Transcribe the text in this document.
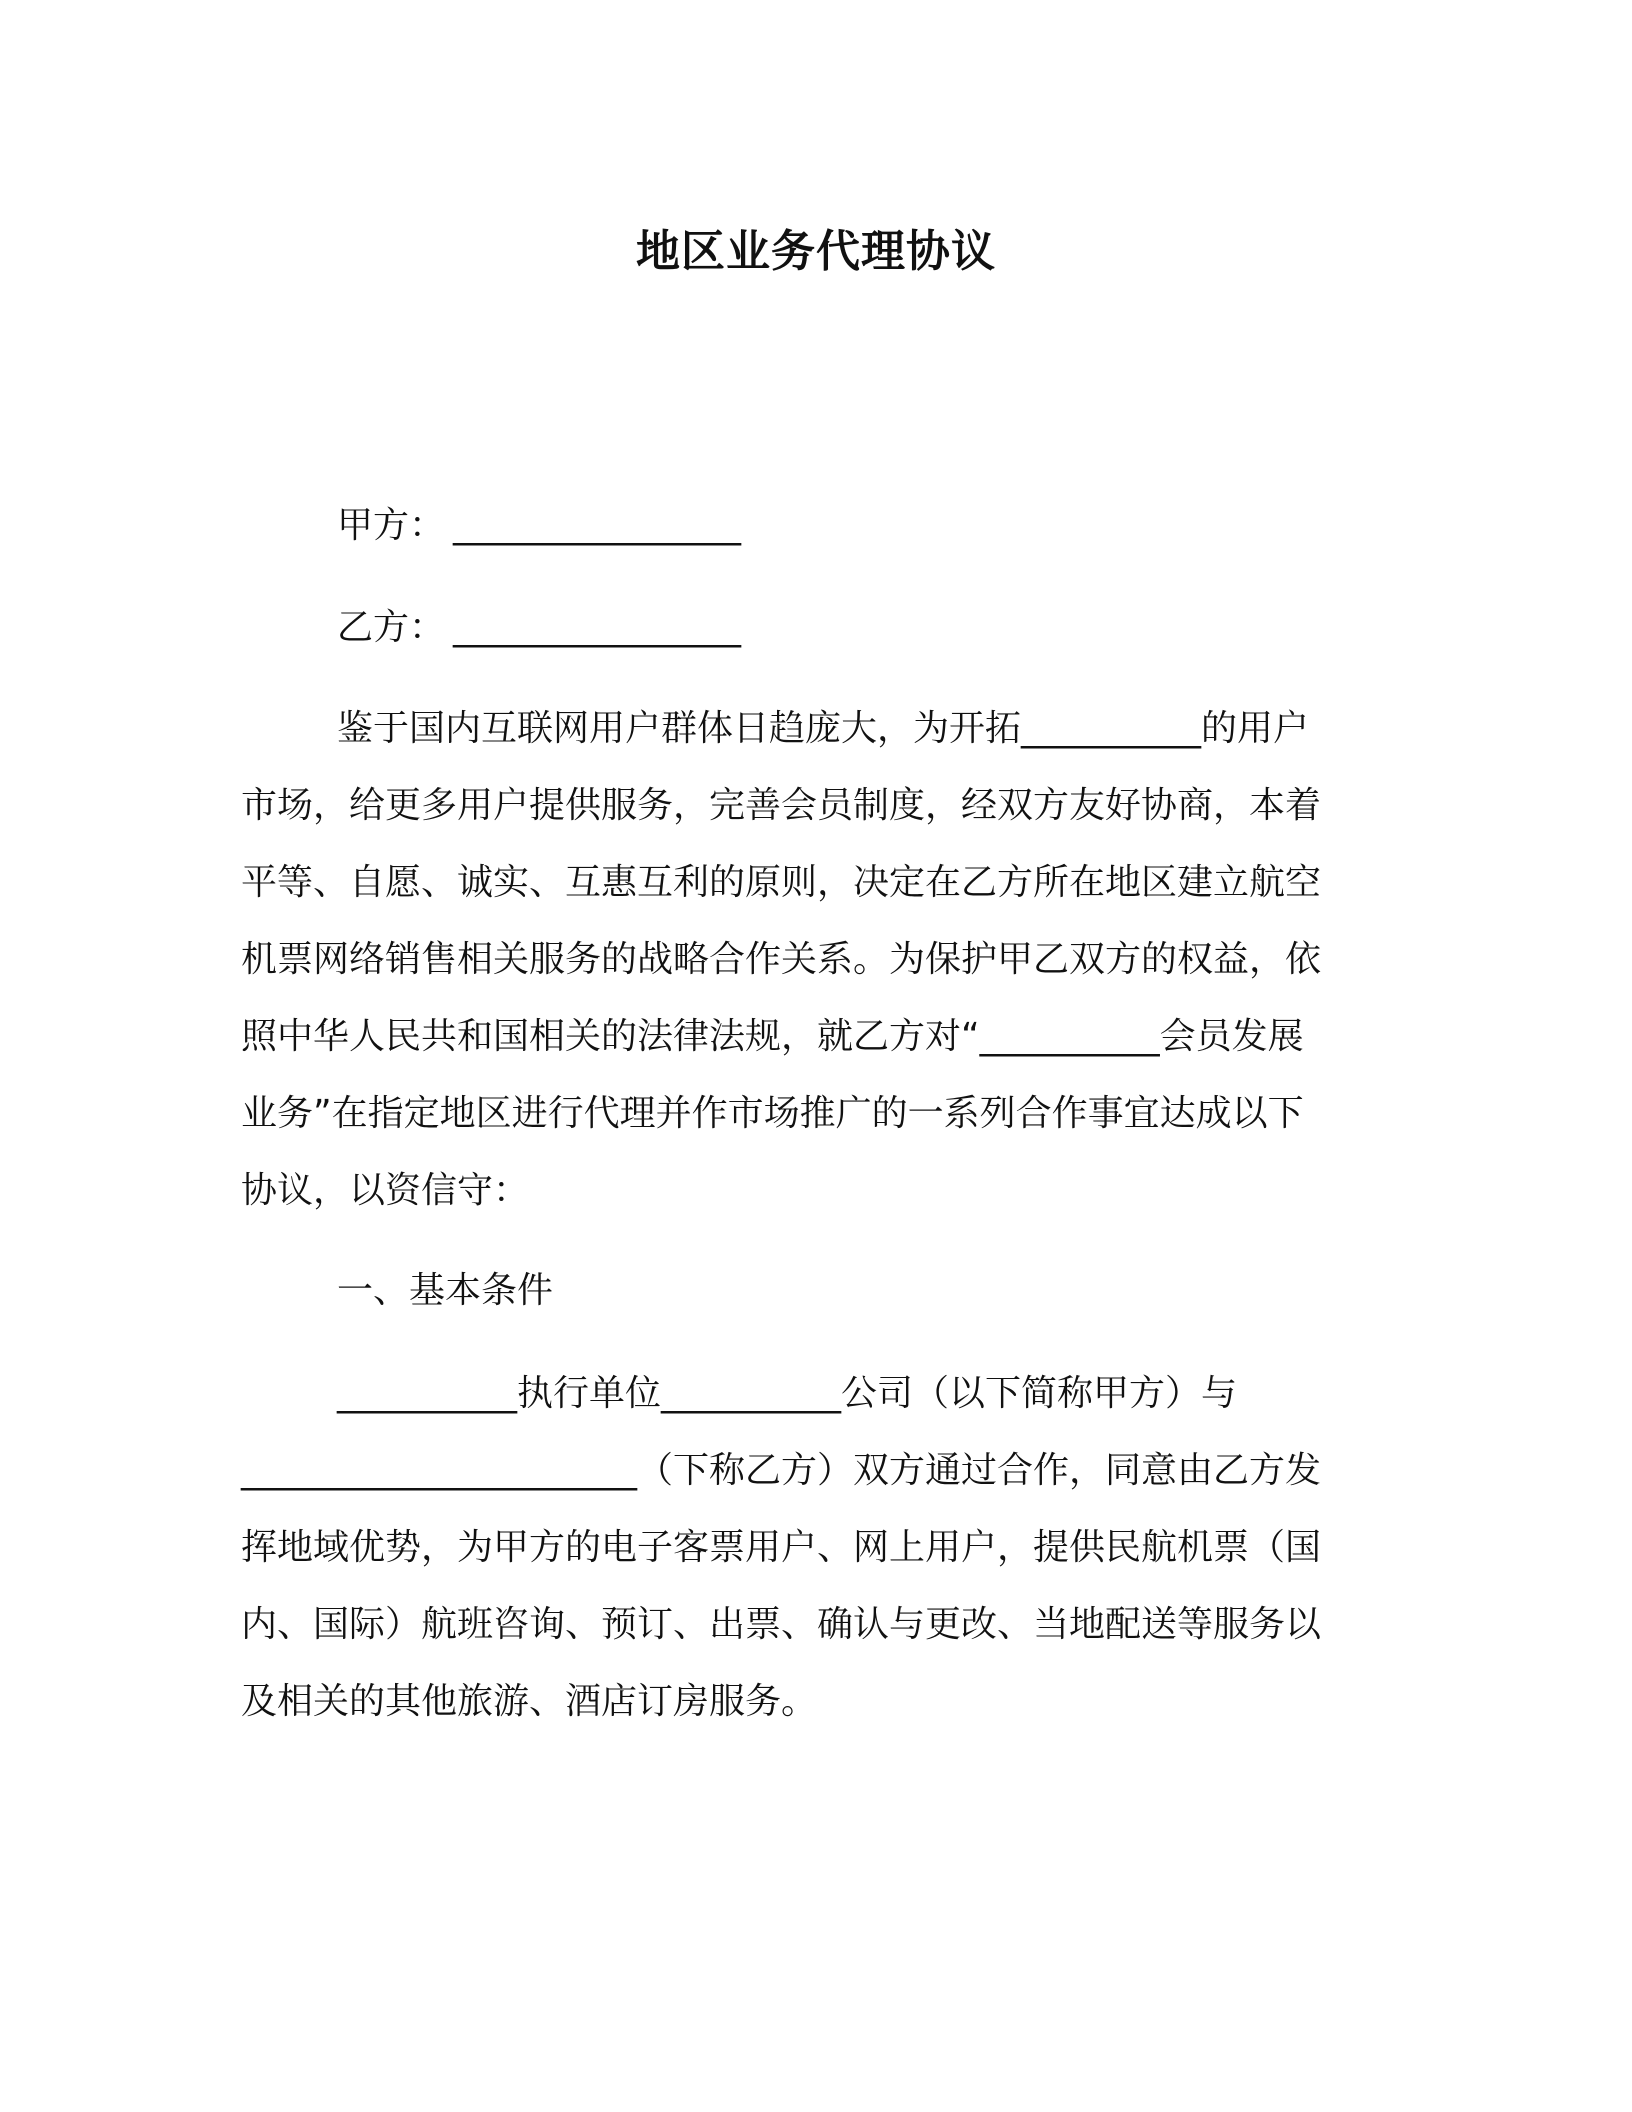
地区业务代理协议
甲方： ________________
乙方： ________________
鉴于国内互联网用户群体日趋庞大，为开拓__________的用户
市场，给更多用户提供服务，完善会员制度，经双方友好协商，本着
平等、自愿、诚实、互惠互利的原则，决定在乙方所在地区建立航空
机票网络销售相关服务的战略合作关系。为保护甲乙双方的权益，依
照中华人民共和国相关的法律法规，就乙方对“__________会员发展
业务”在指定地区进行代理并作市场推广的一系列合作事宜达成以下
协议，以资信守：
一、基本条件
__________执行单位__________公司（以下简称甲方）与
______________________（下称乙方）双方通过合作，同意由乙方发
挥地域优势，为甲方的电子客票用户、网上用户，提供民航机票（国
内、国际）航班咨询、预订、出票、确认与更改、当地配送等服务以
及相关的其他旅游、酒店订房服务。
